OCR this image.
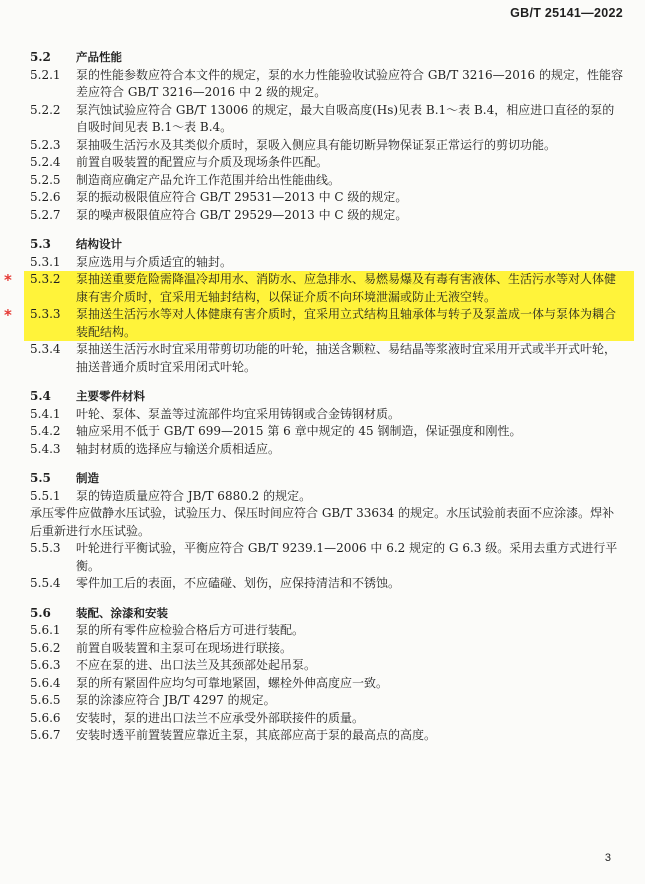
GB/T 25141—2022
5.2	产品性能
5.2.1	泵的性能参数应符合本文件的规定，泵的水力性能验收试验应符合 GB/T 3216—2016 的规定，性能容差应符合 GB/T 3216—2016 中 2 级的规定。
5.2.2	泵汽蚀试验应符合 GB/T 13006 的规定，最大自吸高度(Hs)见表 B.1～表 B.4，相应进口直径的泵的自吸时间见表 B.1～表 B.4。
5.2.3	泵抽吸生活污水及其类似介质时，泵吸入侧应具有能切断异物保证泵正常运行的剪切功能。
5.2.4	前置自吸装置的配置应与介质及现场条件匹配。
5.2.5	制造商应确定产品允许工作范围并给出性能曲线。
5.2.6	泵的振动极限值应符合 GB/T 29531—2013 中 C 级的规定。
5.2.7	泵的噪声极限值应符合 GB/T 29529—2013 中 C 级的规定。
5.3	结构设计
5.3.1	泵应选用与介质适宜的轴封。
* 5.3.2	泵抽送重要危险需降温冷却用水、消防水、应急排水、易燃易爆及有毒有害液体、生活污水等对人体健康有害介质时，宜采用无轴封结构，以保证介质不向环境泄漏或防止无液空转。
* 5.3.3	泵抽送生活污水等对人体健康有害介质时，宜采用立式结构且轴承体与转子及泵盖成一体与泵体为耦合装配结构。
5.3.4	泵抽送生活污水时宜采用带剪切功能的叶轮，抽送含颗粒、易结晶等浆液时宜采用开式或半开式叶轮，抽送普通介质时宜采用闭式叶轮。
5.4	主要零件材料
5.4.1	叶轮、泵体、泵盖等过流部件均宜采用铸钢或合金铸钢材质。
5.4.2	轴应采用不低于 GB/T 699—2015 第 6 章中规定的 45 钢制造，保证强度和刚性。
5.4.3	轴封材质的选择应与输送介质相适应。
5.5	制造
5.5.1	泵的铸造质量应符合 JB/T 6880.2 的规定。
承压零件应做静水压试验，试验压力、保压时间应符合 GB/T 33634 的规定。水压试验前表面不应涂漆。焊补后重新进行水压试验。
5.5.3	叶轮进行平衡试验，平衡应符合 GB/T 9239.1—2006 中 6.2 规定的 G 6.3 级。采用去重方式进行平衡。
5.5.4	零件加工后的表面，不应磕碰、划伤，应保持清洁和不锈蚀。
5.6	装配、涂漆和安装
5.6.1	泵的所有零件应检验合格后方可进行装配。
5.6.2	前置自吸装置和主泵可在现场进行联接。
5.6.3	不应在泵的进、出口法兰及其颈部处起吊泵。
5.6.4	泵的所有紧固件应均匀可靠地紧固，螺栓外伸高度应一致。
5.6.5	泵的涂漆应符合 JB/T 4297 的规定。
5.6.6	安装时，泵的进出口法兰不应承受外部联接件的质量。
5.6.7	安装时透平前置装置应靠近主泵，其底部应高于泵的最高点的高度。
3
